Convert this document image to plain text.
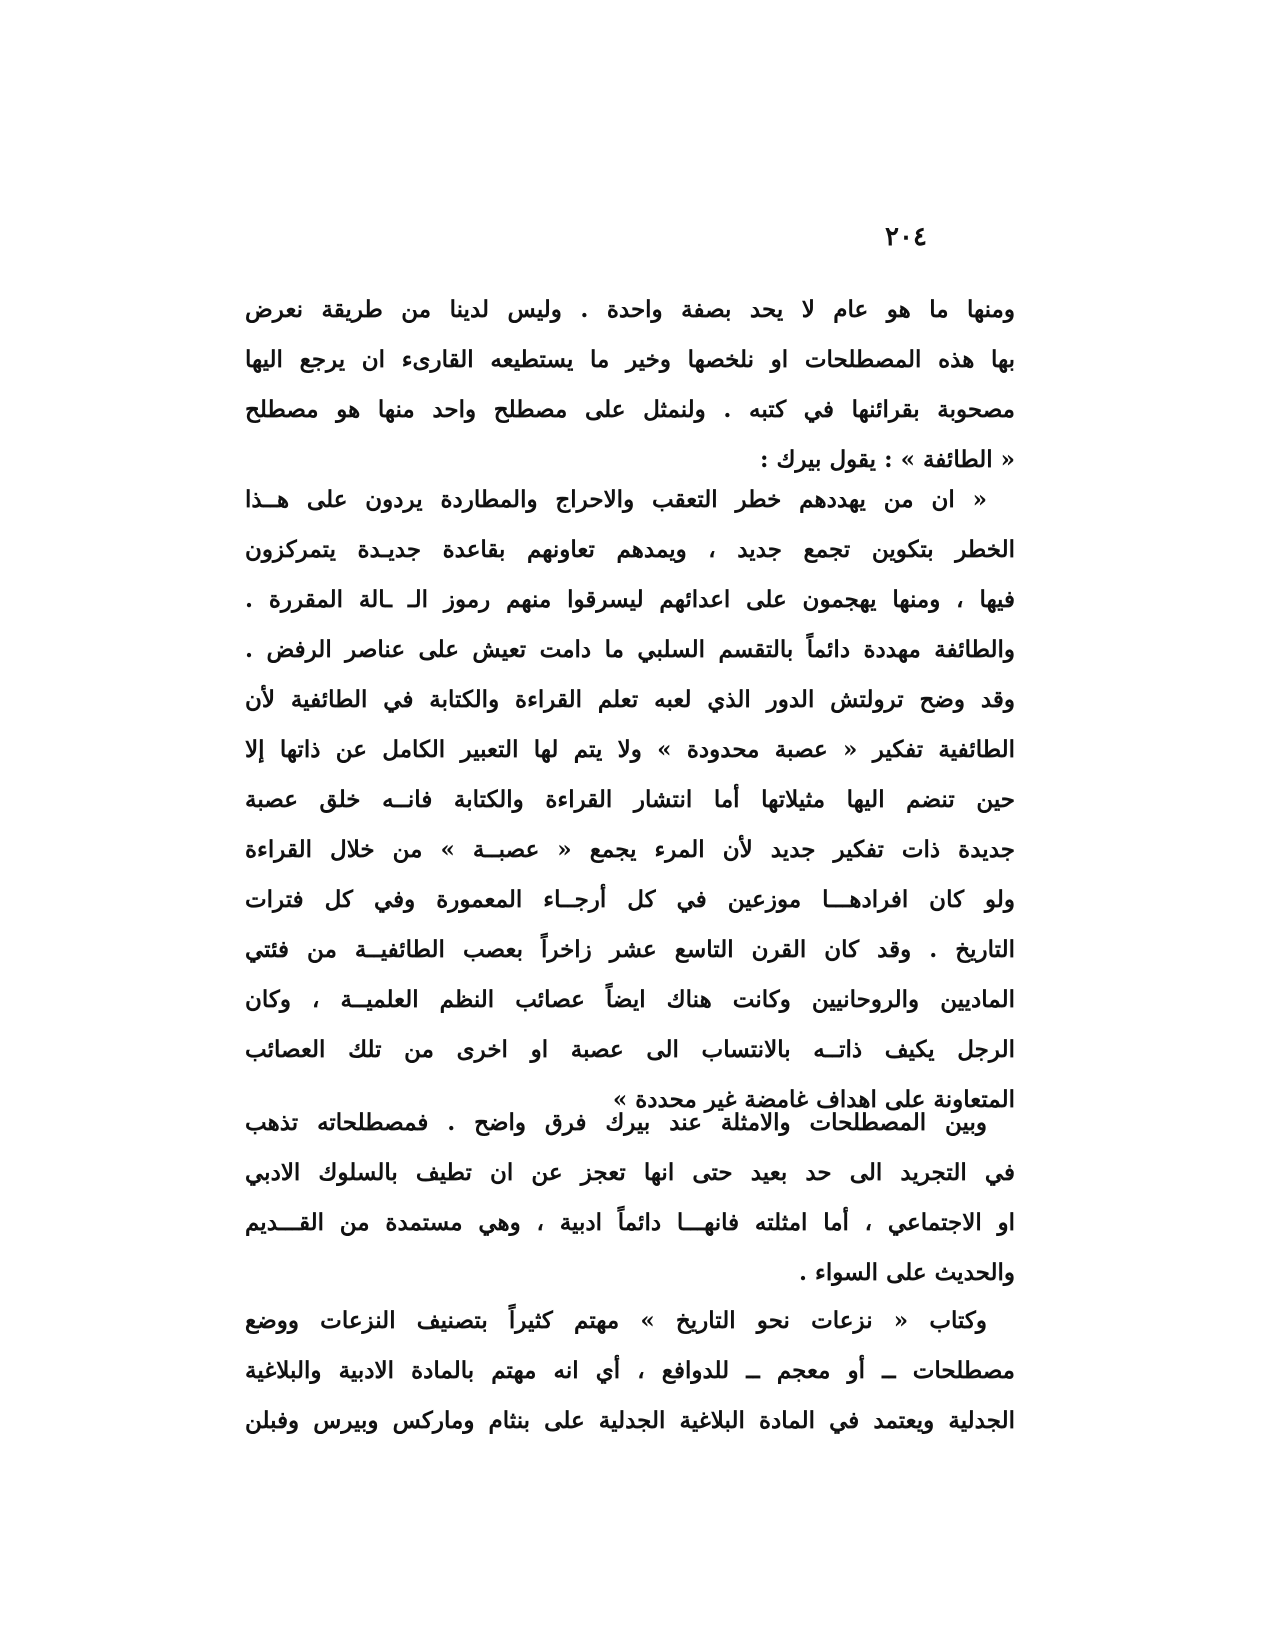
٢٠٤
ومنها ما هو عام لا يحد بصفة واحدة . وليس لدينا من طريقة نعرض
بها هذه المصطلحات او نلخصها وخير ما يستطيعه القارىء ان يرجع اليها
مصحوبة بقرائنها في كتبه . ولنمثل على مصطلح واحد منها هو مصطلح
« الطائفة » : يقول بيرك :
« ان من يهددهم خطر التعقب والاحراج والمطاردة يردون على هــذا
الخطر بتكوين تجمع جديد ، ويمدهم تعاونهم بقاعدة جديـدة يتمركزون
فيها ، ومنها يهجمون على اعدائهم ليسرقوا منهم رموز الـ ـالة المقررة .
والطائفة مهددة دائماً بالتقسم السلبي ما دامت تعيش على عناصر الرفض .
وقد وضح ترولتش الدور الذي لعبه تعلم القراءة والكتابة في الطائفية لأن
الطائفية تفكير « عصبة محدودة » ولا يتم لها التعبير الكامل عن ذاتها إلا
حين تنضم اليها مثيلاتها أما انتشار القراءة والكتابة فانــه خلق عصبة
جديدة ذات تفكير جديد لأن المرء يجمع « عصبــة » من خلال القراءة
ولو كان افرادهـــا موزعين في كل أرجــاء المعمورة وفي كل فترات
التاريخ . وقد كان القرن التاسع عشر زاخراً بعصب الطائفيــة من فئتي
الماديين والروحانيين وكانت هناك ايضاً عصائب النظم العلميــة ، وكان
الرجل يكيف ذاتــه بالانتساب الى عصبة او اخرى من تلك العصائب
المتعاونة على اهداف غامضة غير محددة »
وبين المصطلحات والامثلة عند بيرك فرق واضح . فمصطلحاته تذهب
في التجريد الى حد بعيد حتى انها تعجز عن ان تطيف بالسلوك الادبي
او الاجتماعي ، أما امثلته فانهـــا دائماً ادبية ، وهي مستمدة من القـــديم
والحديث على السواء .
وكتاب « نزعات نحو التاريخ » مهتم كثيراً بتصنيف النزعات ووضع
مصطلحات ــ أو معجم ــ للدوافع ، أي انه مهتم بالمادة الادبية والبلاغية
الجدلية ويعتمد في المادة البلاغية الجدلية على بنثام وماركس وبيرس وفبلن
